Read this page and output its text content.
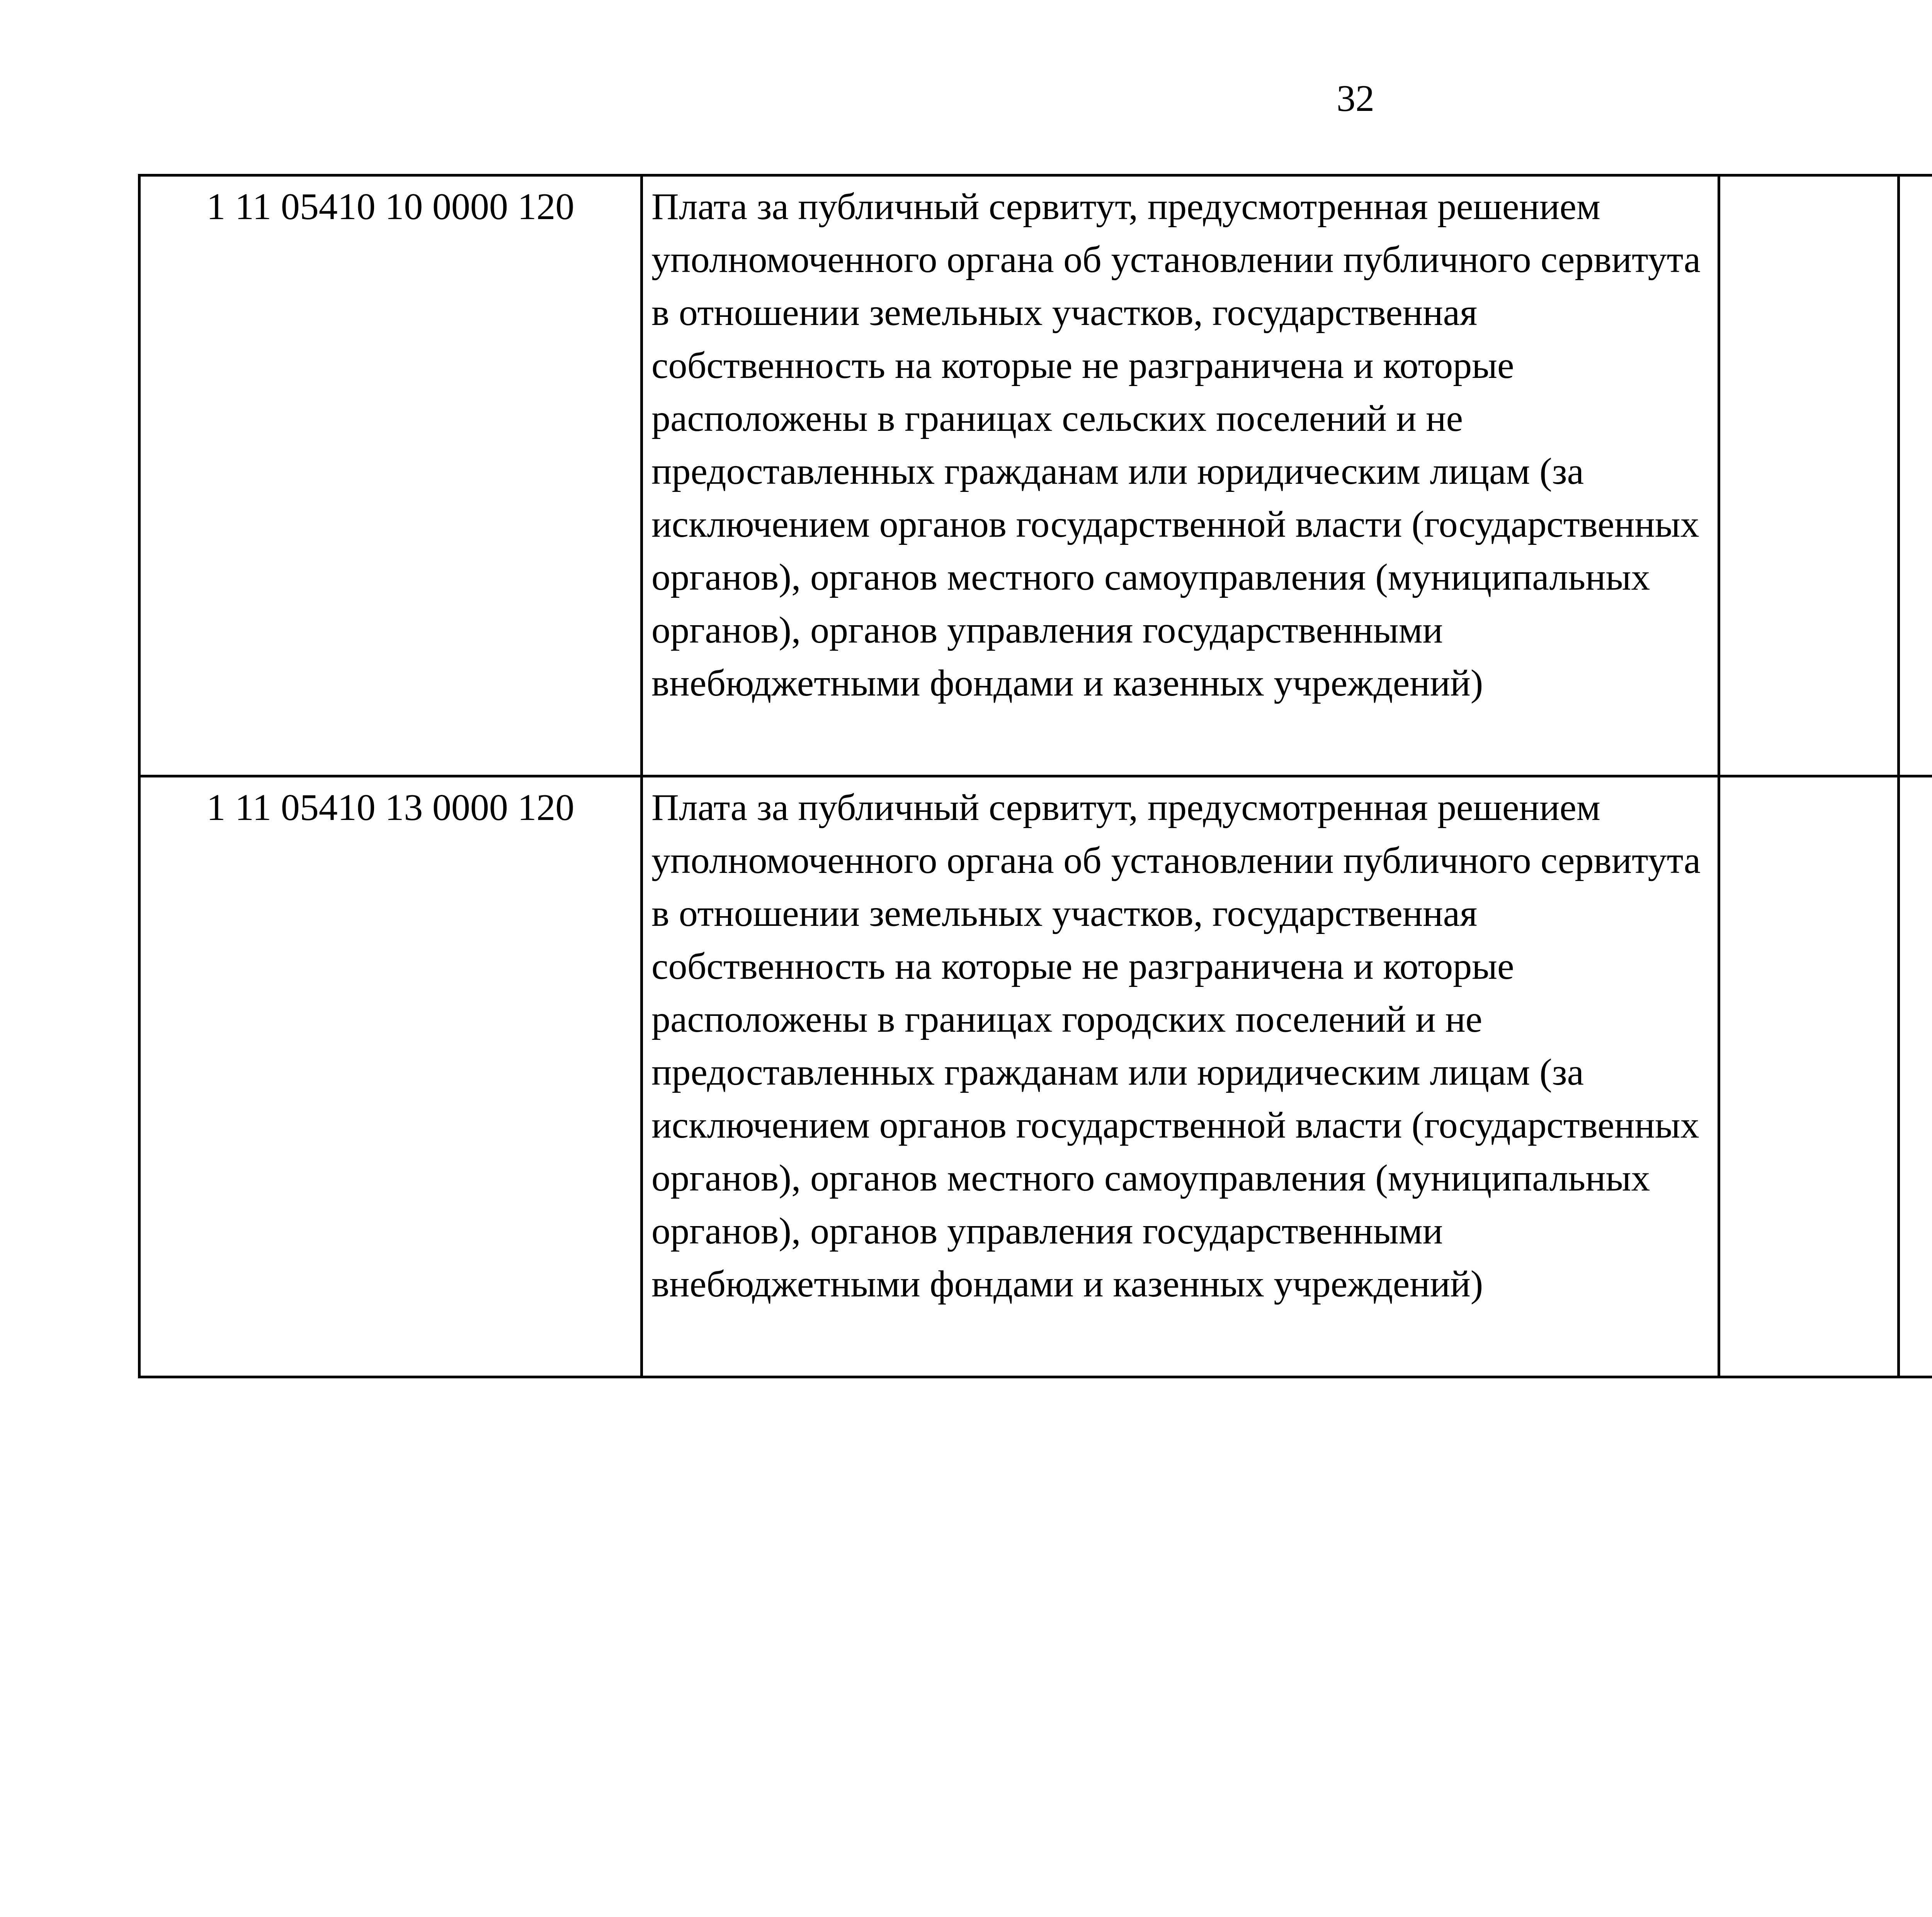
32
1 11 05410 10 0000 120	Плата за публичный сервитут, предусмотренная решением уполномоченного органа об установлении публичного сервитута в отношении земельных участков, государственная собственность на которые не разграничена и которые расположены в границах сельских поселений и не предоставленных гражданам или юридическим лицам (за исключением органов государственной власти (государственных органов), органов местного самоуправления (муниципальных органов), органов управления государственными внебюджетными фондами и казенных учреждений)					
1 11 05410 13 0000 120	Плата за публичный сервитут, предусмотренная решением уполномоченного органа об установлении публичного сервитута в отношении земельных участков, государственная собственность на которые не разграничена и которые расположены в границах городских поселений и не предоставленных гражданам или юридическим лицам (за исключением органов государственной власти (государственных органов), органов местного самоуправления (муниципальных органов), органов управления государственными внебюджетными фондами и казенных учреждений)					
